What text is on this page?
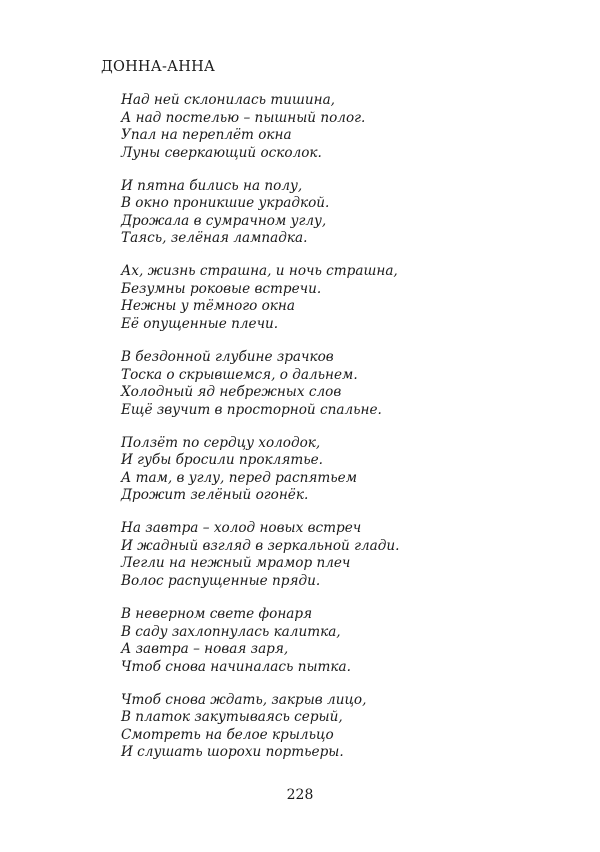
ДОННА-АННА
Над ней склонилась тишина,
А над постелью – пышный полог.
Упал на переплёт окна
Луны сверкающий осколок.
И пятна бились на полу,
В окно проникшие украдкой.
Дрожала в сумрачном углу,
Таясь, зелёная лампадка.
Ах, жизнь страшна, и ночь страшна,
Безумны роковые встречи.
Нежны у тёмного окна
Её опущенные плечи.
В бездонной глубине зрачков
Тоска о скрывшемся, о дальнем.
Холодный яд небрежных слов
Ещё звучит в просторной спальне.
Ползёт по сердцу холодок,
И губы бросили проклятье.
А там, в углу, перед распятьем
Дрожит зелёный огонёк.
На завтра – холод новых встреч
И жадный взгляд в зеркальной глади.
Легли на нежный мрамор плеч
Волос распущенные пряди.
В неверном свете фонаря
В саду захлопнулась калитка,
А завтра – новая заря,
Чтоб снова начиналась пытка.
Чтоб снова ждать, закрыв лицо,
В платок закутываясь серый,
Смотреть на белое крыльцо
И слушать шорохи портьеры.
228
